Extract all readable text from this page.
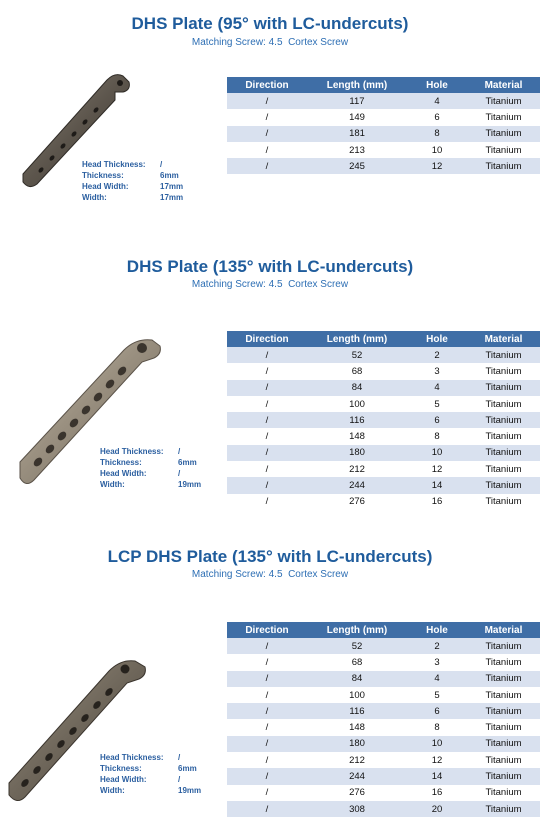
DHS Plate (95° with LC-undercuts)
Matching Screw: 4.5 Cortex Screw
Head Thickness:	/
Thickness:	6mm
Head Width:	17mm
Width:	17mm
Direction	Length (mm)	Hole	Material
/	117	4	Titanium
/	149	6	Titanium
/	181	8	Titanium
/	213	10	Titanium
/	245	12	Titanium
DHS Plate (135° with LC-undercuts)
Matching Screw: 4.5 Cortex Screw
Head Thickness:	/
Thickness:	6mm
Head Width:	/
Width:	19mm
Direction	Length (mm)	Hole	Material
/	52	2	Titanium
/	68	3	Titanium
/	84	4	Titanium
/	100	5	Titanium
/	116	6	Titanium
/	148	8	Titanium
/	180	10	Titanium
/	212	12	Titanium
/	244	14	Titanium
/	276	16	Titanium
LCP DHS Plate (135° with LC-undercuts)
Matching Screw: 4.5 Cortex Screw
Head Thickness:	/
Thickness:	6mm
Head Width:	/
Width:	19mm
Direction	Length (mm)	Hole	Material
/	52	2	Titanium
/	68	3	Titanium
/	84	4	Titanium
/	100	5	Titanium
/	116	6	Titanium
/	148	8	Titanium
/	180	10	Titanium
/	212	12	Titanium
/	244	14	Titanium
/	276	16	Titanium
/	308	20	Titanium
